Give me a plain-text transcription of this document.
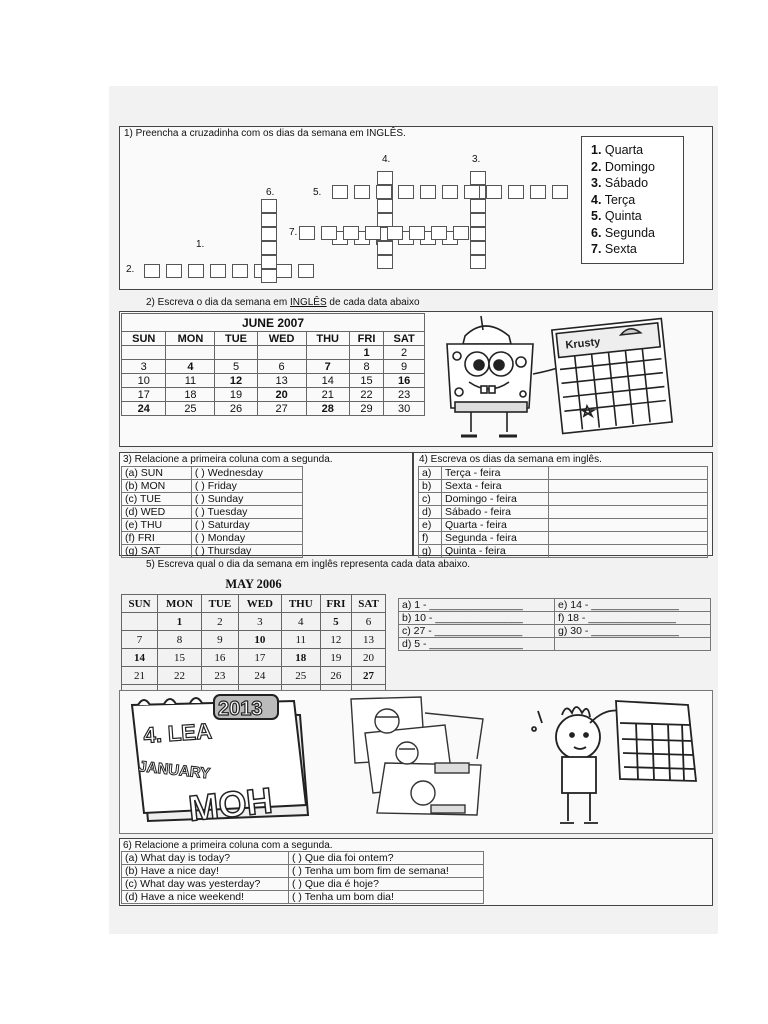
1) Preencha a cruzadinha com os dias da semana em INGLÊS.
4.	3.
6.	5.
7.
1.
2.
1. Quarta
2. Domingo
3. Sábado
4. Terça
5. Quinta
6. Segunda
7. Sexta
2) Escreva o dia da semana em INGLÊS de cada data abaixo
JUNE 2007						
SUN	MON	TUE	WED	THU	FRI	SAT
					1	2
3	4	5	6	7	8	9
10	11	12	13	14	15	16
17	18	19	20	21	22	23
24	25	26	27	28	29	30
Krusty
3) Relacione a primeira coluna com a segunda.
(a) SUN	( ) Wednesday
(b) MON	( ) Friday
(c) TUE	( ) Sunday
(d) WED	( ) Tuesday
(e) THU	( ) Saturday
(f) FRI	( ) Monday
(g) SAT	( ) Thursday
4) Escreva os dias da semana em inglês.
a)	Terça - feira	
b)	Sexta - feira	
c)	Domingo - feira	
d)	Sábado - feira	
e)	Quarta - feira	
f)	Segunda - feira	
g)	Quinta - feira	
5) Escreva qual o dia da semana em inglês representa cada data abaixo.
MAY 2006						
SUN	MON	TUE	WED	THU	FRI	SAT
	1	2	3	4	5	6
7	8	9	10	11	12	13
14	15	16	17	18	19	20
21	22	23	24	25	26	27

a) 1 - ________________	e) 14 - _______________
b) 10 - _______________	f) 18 - _______________
c) 27 - _______________	g) 30 - _______________
d) 5 - ________________	
2013
4. LEA
JANUARY
MOH
6) Relacione a primeira coluna com a segunda.
(a) What day is today?	( ) Que dia foi ontem?
(b) Have a nice day!	( ) Tenha um bom fim de semana!
(c) What day was yesterday?	( ) Que dia é hoje?
(d) Have a nice weekend!	( ) Tenha um bom dia!
